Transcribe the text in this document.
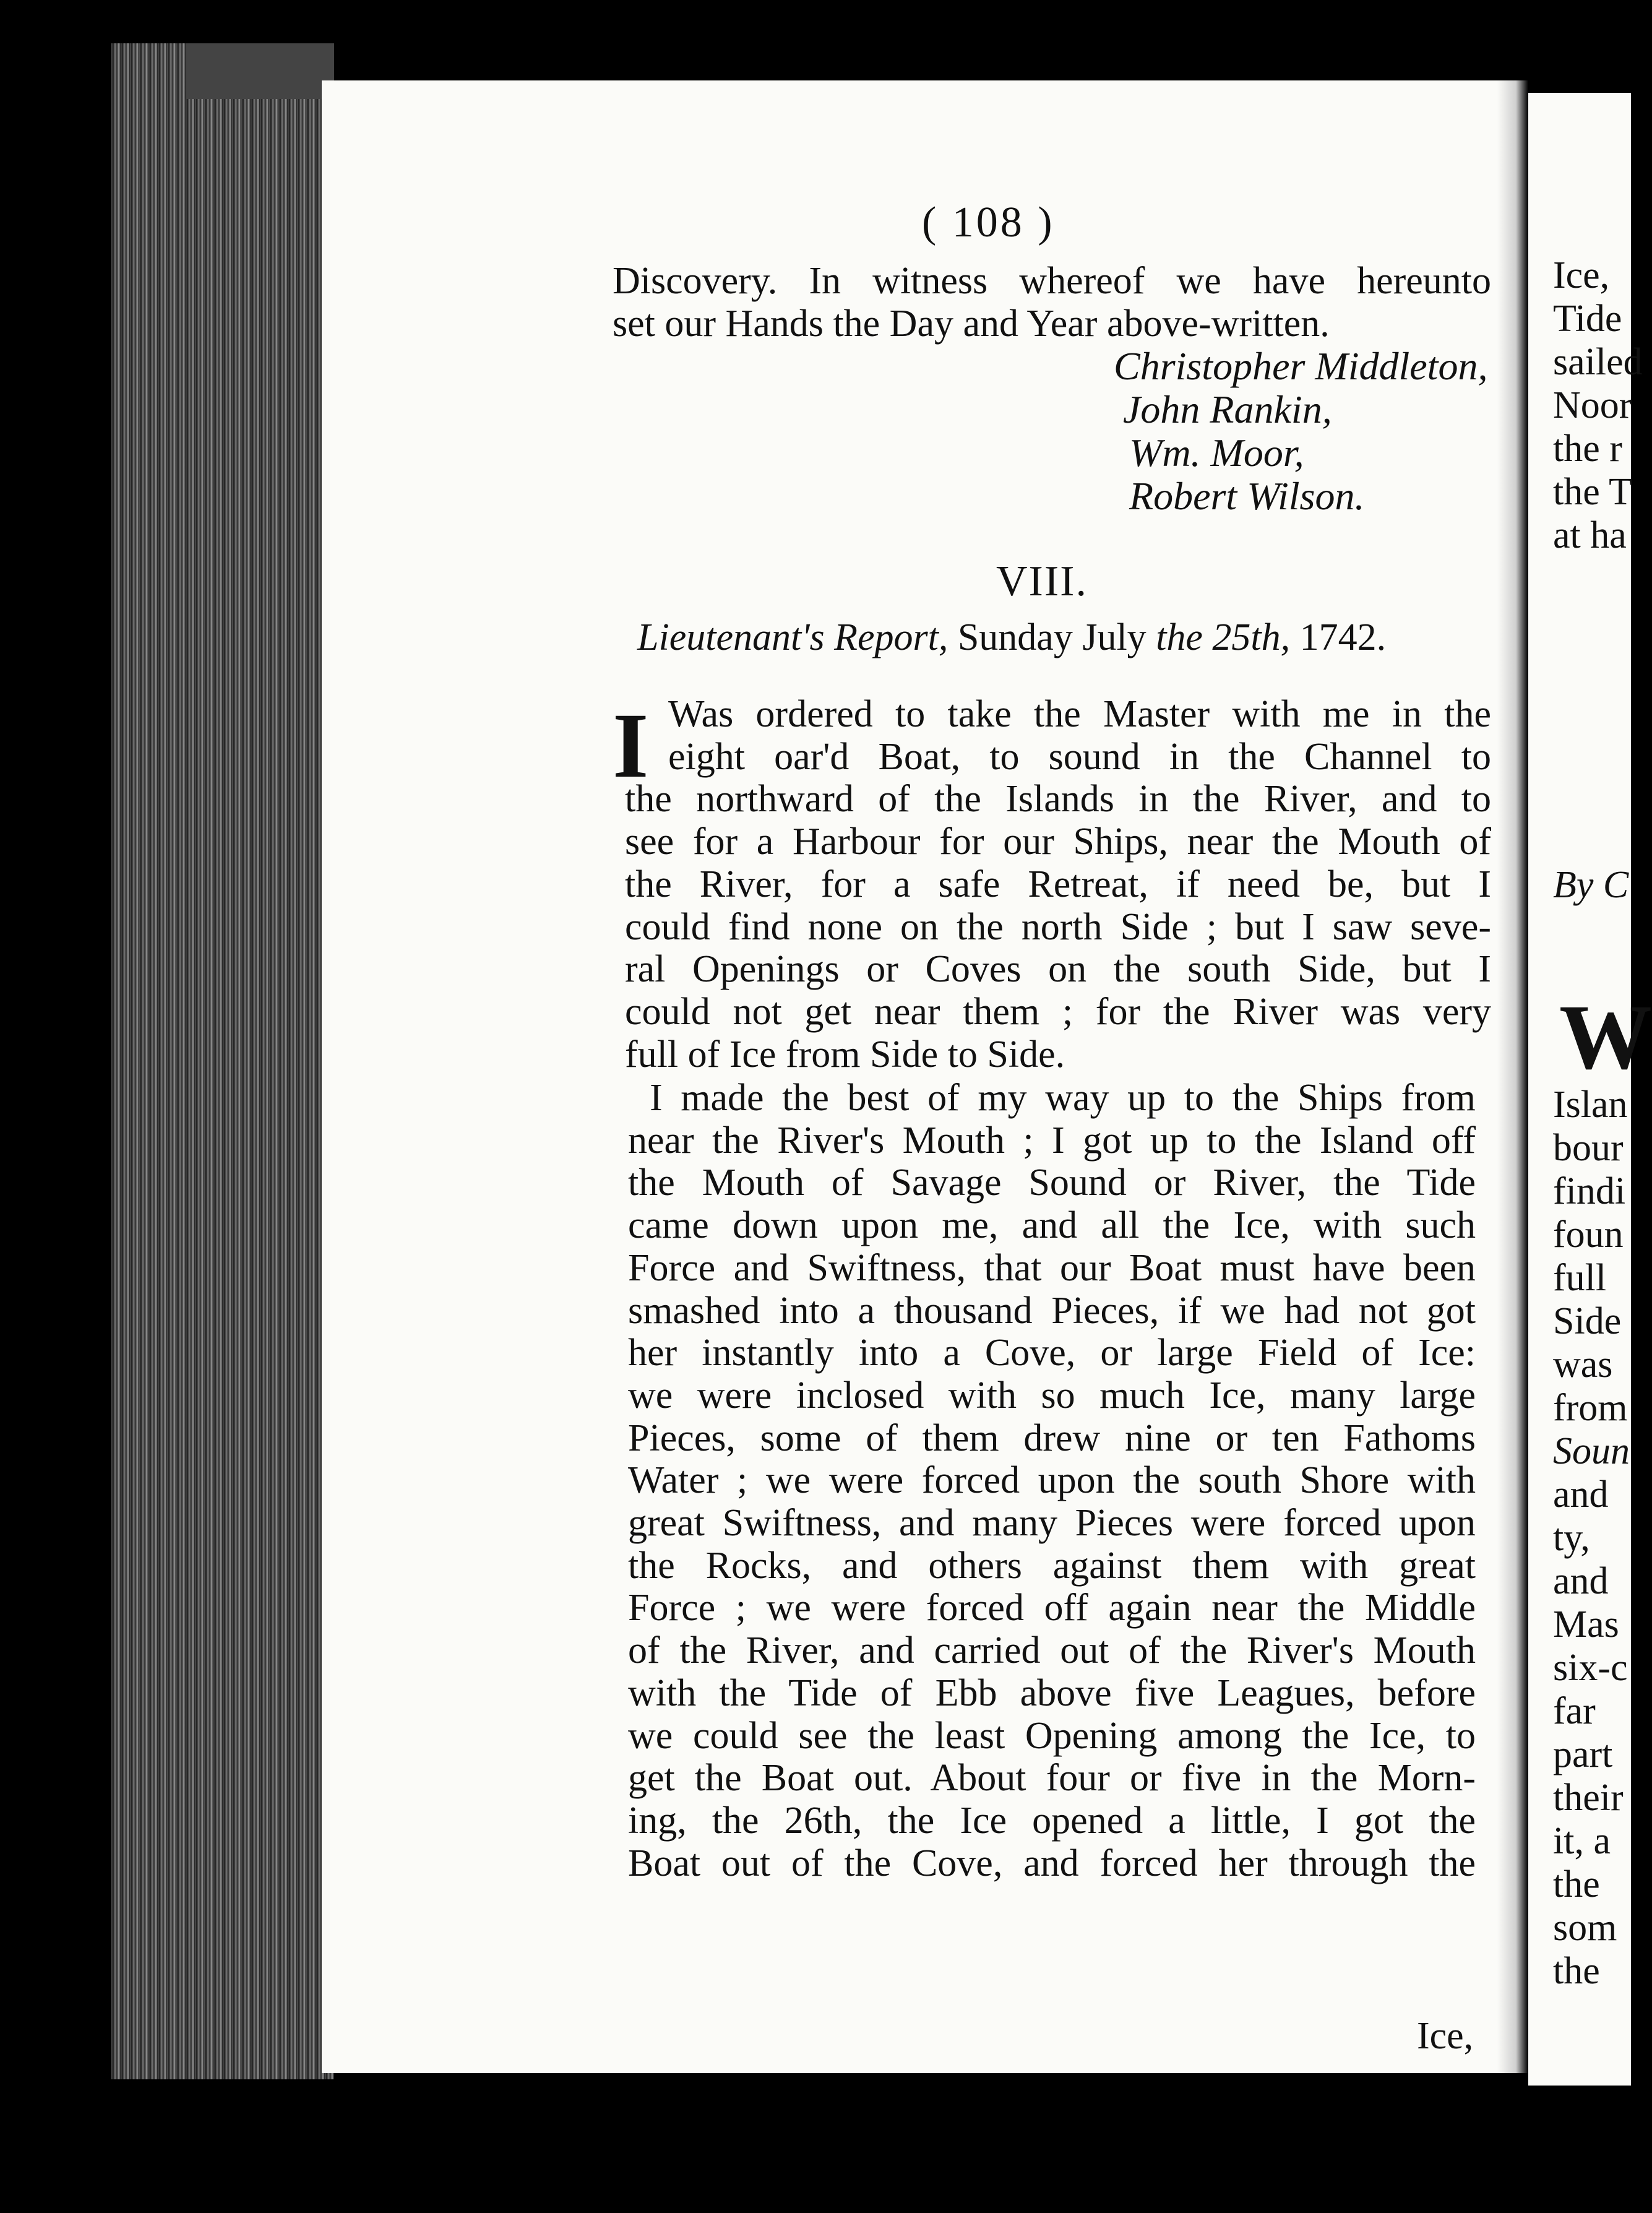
( 108 )
Discovery. In witness whereof we have hereunto
set our Hands the Day and Year above-written.
Christopher Middleton,
John Rankin,
Wm. Moor,
Robert Wilson.
VIII.
Lieutenant's Report, Sunday July the 25th, 1742.
I Was ordered to take the Master with me in the
eight oar'd Boat, to sound in the Channel to
the northward of the Islands in the River, and to
see for a Harbour for our Ships, near the Mouth of
the River, for a safe Retreat, if need be, but I
could find none on the north Side ; but I saw seve-
ral Openings or Coves on the south Side, but I
could not get near them ; for the River was very
full of Ice from Side to Side.
I made the best of my way up to the Ships from
near the River's Mouth ; I got up to the Island off
the Mouth of Savage Sound or River, the Tide
came down upon me, and all the Ice, with such
Force and Swiftness, that our Boat must have been
smashed into a thousand Pieces, if we had not got
her instantly into a Cove, or large Field of Ice:
we were inclosed with so much Ice, many large
Pieces, some of them drew nine or ten Fathoms
Water ; we were forced upon the south Shore with
great Swiftness, and many Pieces were forced upon
the Rocks, and others against them with great
Force ; we were forced off again near the Middle
of the River, and carried out of the River's Mouth
with the Tide of Ebb above five Leagues, before
we could see the least Opening among the Ice, to
get the Boat out. About four or five in the Morn-
ing, the 26th, the Ice opened a little, I got the
Boat out of the Cove, and forced her through the
Ice,
Ice,
Tide
sailed
Noor
the r
the T
at ha
By C
W
Islan
bour
findi
foun
full
Side
was
from
Soun
and
ty,
and
Mas
six-c
far
part
their
it, a
the
som
the
